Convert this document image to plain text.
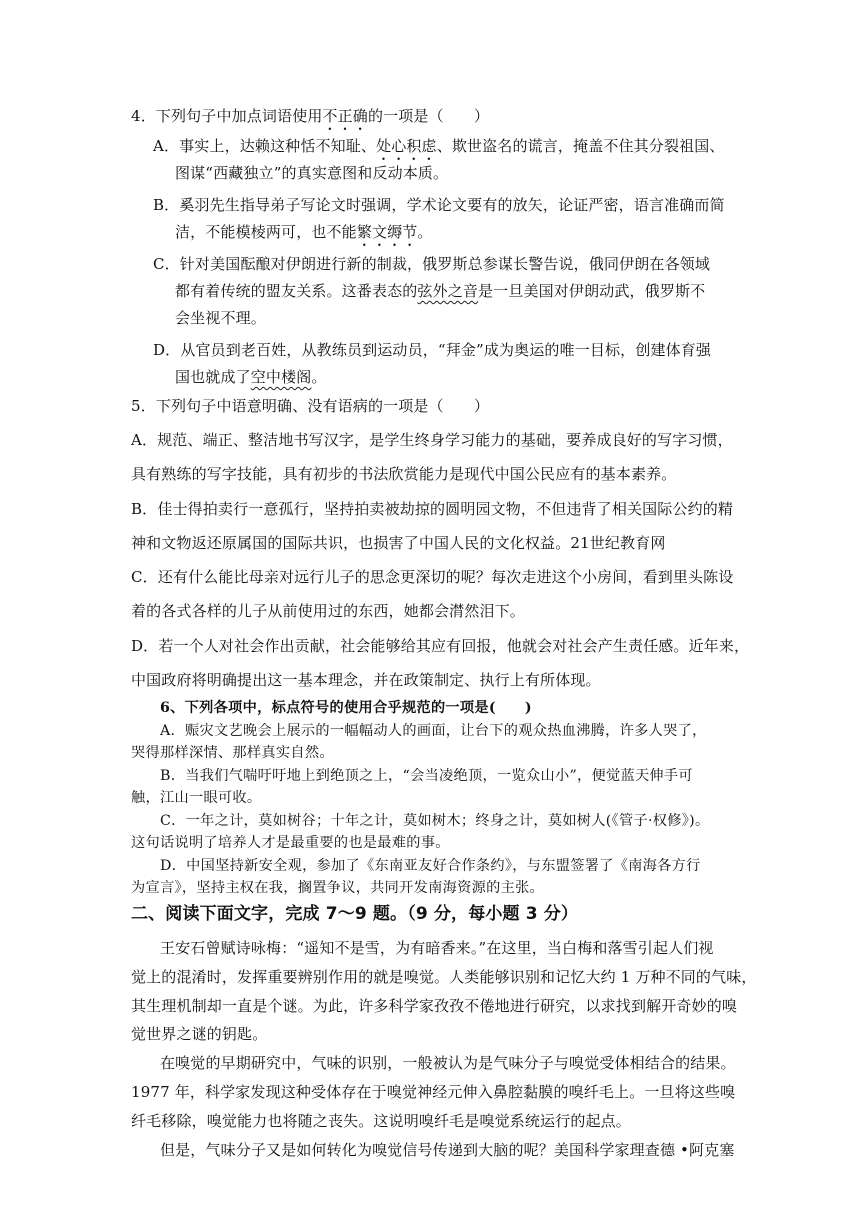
4．下列句子中加点词语使用不正确的一项是（　　）
A．事实上，达赖这种恬不知耻、处心积虑、欺世盗名的谎言，掩盖不住其分裂祖国、
图谋“西藏独立”的真实意图和反动本质。
B．奚羽先生指导弟子写论文时强调，学术论文要有的放矢，论证严密，语言准确而简
洁，不能模棱两可，也不能繁文缛节。
C．针对美国酝酿对伊朗进行新的制裁，俄罗斯总参谋长警告说，俄同伊朗在各领域
都有着传统的盟友关系。这番表态的弦外之音是一旦美国对伊朗动武，俄罗斯不
会坐视不理。
D．从官员到老百姓，从教练员到运动员，“拜金”成为奥运的唯一目标，创建体育强
国也就成了空中楼阁。
5．下列句子中语意明确、没有语病的一项是（　　）
A．规范、端正、整洁地书写汉字，是学生终身学习能力的基础，要养成良好的写字习惯，
具有熟练的写字技能，具有初步的书法欣赏能力是现代中国公民应有的基本素养。
B．佳士得拍卖行一意孤行，坚持拍卖被劫掠的圆明园文物，不但违背了相关国际公约的精
神和文物返还原属国的国际共识，也损害了中国人民的文化权益。21世纪教育网
C．还有什么能比母亲对远行儿子的思念更深切的呢？每次走进这个小房间，看到里头陈设
着的各式各样的儿子从前使用过的东西，她都会潸然泪下。
D．若一个人对社会作出贡献，社会能够给其应有回报，他就会对社会产生责任感。近年来，
中国政府将明确提出这一基本理念，并在政策制定、执行上有所体现。
6、下列各项中，标点符号的使用合乎规范的一项是(　　)
A．赈灾文艺晚会上展示的一幅幅动人的画面，让台下的观众热血沸腾，许多人哭了，
哭得那样深情、那样真实自然。
B．当我们气喘吁吁地上到绝顶之上，“会当凌绝顶，一览众山小”，便觉蓝天伸手可
触，江山一眼可收。
C．一年之计，莫如树谷；十年之计，莫如树木；终身之计，莫如树人(《管子·权修》)。
这句话说明了培养人才是最重要的也是最难的事。
D．中国坚持新安全观，参加了《东南亚友好合作条约》，与东盟签署了《南海各方行
为宣言》，坚持主权在我，搁置争议，共同开发南海资源的主张。
二、阅读下面文字，完成 7～9 题。（9 分，每小题 3 分）
王安石曾赋诗咏梅：“遥知不是雪，为有暗香来。”在这里，当白梅和落雪引起人们视
觉上的混淆时，发挥重要辨别作用的就是嗅觉。人类能够识别和记忆大约 1 万种不同的气味，
其生理机制却一直是个谜。为此，许多科学家孜孜不倦地进行研究，以求找到解开奇妙的嗅
觉世界之谜的钥匙。
在嗅觉的早期研究中，气味的识别，一般被认为是气味分子与嗅觉受体相结合的结果。
1977 年，科学家发现这种受体存在于嗅觉神经元伸入鼻腔黏膜的嗅纤毛上。一旦将这些嗅
纤毛移除，嗅觉能力也将随之丧失。这说明嗅纤毛是嗅觉系统运行的起点。
但是，气味分子又是如何转化为嗅觉信号传递到大脑的呢？美国科学家理查德 •阿克塞
